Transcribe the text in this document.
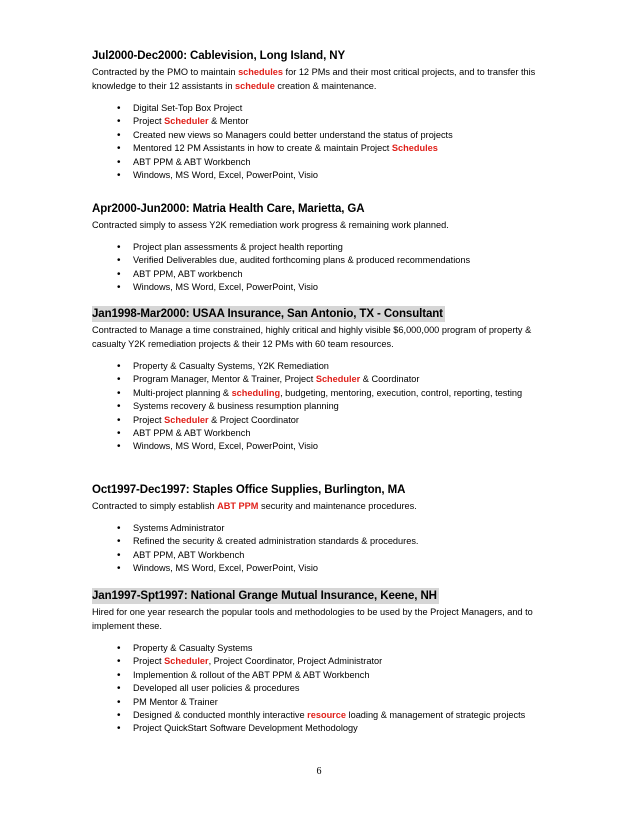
Jul2000-Dec2000: Cablevision, Long Island, NY
Contracted by the PMO to maintain schedules for 12 PMs and their most critical projects, and to transfer this knowledge to their 12 assistants in schedule creation & maintenance.
• Digital Set-Top Box Project
• Project Scheduler & Mentor
• Created new views so Managers could better understand the status of projects
• Mentored 12 PM Assistants in how to create & maintain Project Schedules
• ABT PPM & ABT Workbench
• Windows, MS Word, Excel, PowerPoint, Visio
Apr2000-Jun2000: Matria Health Care, Marietta, GA
Contracted simply to assess Y2K remediation work progress & remaining work planned.
• Project plan assessments & project health reporting
• Verified Deliverables due, audited forthcoming plans & produced recommendations
• ABT PPM, ABT workbench
• Windows, MS Word, Excel, PowerPoint, Visio
Jan1998-Mar2000: USAA Insurance, San Antonio, TX - Consultant
Contracted to Manage a time constrained, highly critical and highly visible $6,000,000 program of property & casualty Y2K remediation projects & their 12 PMs with 60 team resources.
• Property & Casualty Systems, Y2K Remediation
• Program Manager, Mentor & Trainer, Project Scheduler & Coordinator
• Multi-project planning & scheduling, budgeting, mentoring, execution, control, reporting, testing
• Systems recovery & business resumption planning
• Project Scheduler & Project Coordinator
• ABT PPM & ABT Workbench
• Windows, MS Word, Excel, PowerPoint, Visio
Oct1997-Dec1997: Staples Office Supplies, Burlington, MA
Contracted to simply establish ABT PPM security and maintenance procedures.
• Systems Administrator
• Refined the security & created administration standards & procedures.
• ABT PPM, ABT Workbench
• Windows, MS Word, Excel, PowerPoint, Visio
Jan1997-Spt1997: National Grange Mutual Insurance, Keene, NH
Hired for one year research the popular tools and methodologies to be used by the Project Managers, and to implement these.
• Property & Casualty Systems
• Project Scheduler, Project Coordinator, Project Administrator
• Implemention & rollout of the ABT PPM & ABT Workbench
• Developed all user policies & procedures
• PM Mentor & Trainer
• Designed & conducted monthly interactive resource loading & management of strategic projects
• Project QuickStart Software Development Methodology
6
